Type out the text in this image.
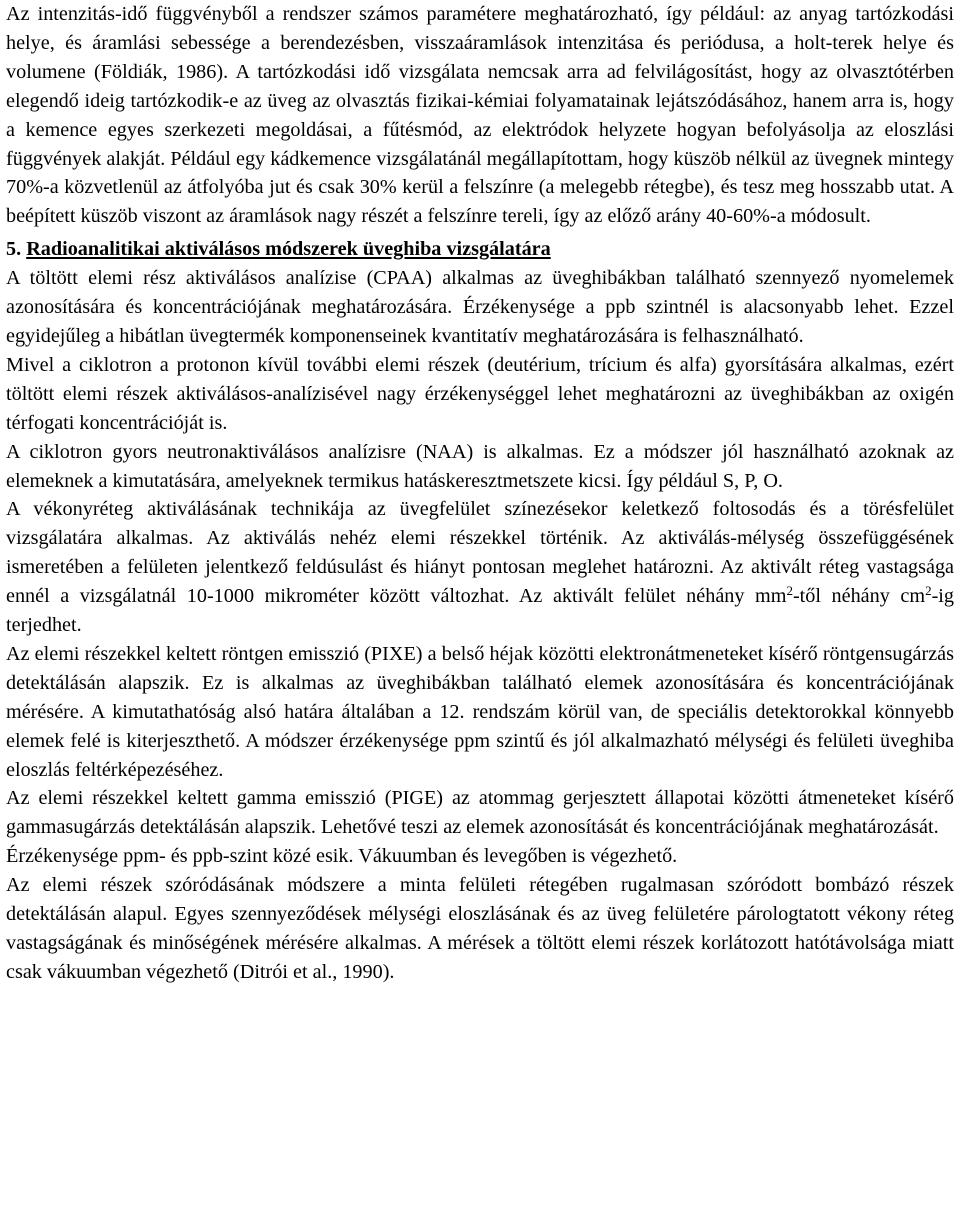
Az intenzitás-idő függvényből a rendszer számos paramétere meghatározható, így például: az anyag tartózkodási helye, és áramlási sebessége a berendezésben, visszaáramlások intenzitása és periódusa, a holt-terek helye és volumene (Földiák, 1986). A tartózkodási idő vizsgálata nemcsak arra ad felvilágosítást, hogy az olvasztótérben elegendő ideig tartózkodik-e az üveg az olvasztás fizikai-kémiai folyamatainak lejátszódásához, hanem arra is, hogy a kemence egyes szerkezeti megoldásai, a fűtésmód, az elektródok helyzete hogyan befolyásolja az eloszlási függvények alakját. Például egy kádkemence vizsgálatánál megállapítottam, hogy küszöb nélkül az üvegnek mintegy 70%-a közvetlenül az átfolyóba jut és csak 30% kerül a felszínre (a melegebb rétegbe), és tesz meg hosszabb utat. A beépített küszöb viszont az áramlások nagy részét a felszínre tereli, így az előző arány 40-60%-a módosult.

5. Radioanalitikai aktiválásos módszerek üveghiba vizsgálatára

A töltött elemi rész aktiválásos analízise (CPAA) alkalmas az üveghibákban található szennyező nyomelemek azonosítására és koncentrációjának meghatározására. Érzékenysége a ppb szintnél is alacsonyabb lehet. Ezzel egyidejűleg a hibátlan üvegtermék komponenseinek kvantitatív meghatározására is felhasználható.

Mivel a ciklotron a protonon kívül további elemi részek (deutérium, trícium és alfa) gyorsítására alkalmas, ezért töltött elemi részek aktiválásos-analízisével nagy érzékenységgel lehet meghatározni az üveghibákban az oxigén térfogati koncentrációját is.

A ciklotron gyors neutronaktiválásos analízisre (NAA) is alkalmas. Ez a módszer jól használható azoknak az elemeknek a kimutatására, amelyeknek termikus hatáskeresztmetszete kicsi. Így például S, P, O.

A vékonyréteg aktiválásának technikája az üvegfelület színezésekor keletkező foltosodás és a törésfelület vizsgálatára alkalmas. Az aktiválás nehéz elemi részekkel történik. Az aktiválás-mélység összefüggésének ismeretében a felületen jelentkező feldúsulást és hiányt pontosan meglehet határozni. Az aktivált réteg vastagsága ennél a vizsgálatnál 10-1000 mikrométer között változhat. Az aktivált felület néhány $mm^2$-től néhány $cm^2-ig$ terjedhet.

Az elemi részekkel keltett röntgen emisszió (PIXE) a belső héjak közötti elektronátmeneteket kísérő röntgensugárzás detektálásán alapszik. Ez is alkalmas az üveghibákban található elemek azonosítására és koncentrációjának mérésére. A kimutathatóság alsó határa általában a 12. rendszám körül van, de speciális detektorokkal könnyebb elemek felé is kiterjeszthető. A módszer érzékenysége ppm szintű és jól alkalmazható mélységi és felületi üveghiba eloszlás feltérképezéséhez.

Az elemi részekkel keltett gamma emisszió (PIGE) az atommag gerjesztett állapotai közötti átmeneteket kísérő gammasugárzás detektálásán alapszik. Lehetővé teszi az elemek azonosítását és koncentrációjának meghatározását.

Érzékenysége ppm- és ppb-szint közé esik. Vákuumban és levegőben is végezhető.

Az elemi részek szóródásának módszere a minta felületi rétegében rugalmasan szóródott bombázó részek detektálásán alapul. Egyes szennyeződések mélységi eloszlásának és az üveg felületére párologtatott vékony réteg vastagságának és minőségének mérésére alkalmas. A mérések a töltött elemi részek korlátozott hatótávolsága miatt csak vákuumban végezhető (Ditrói et al., 1990).
